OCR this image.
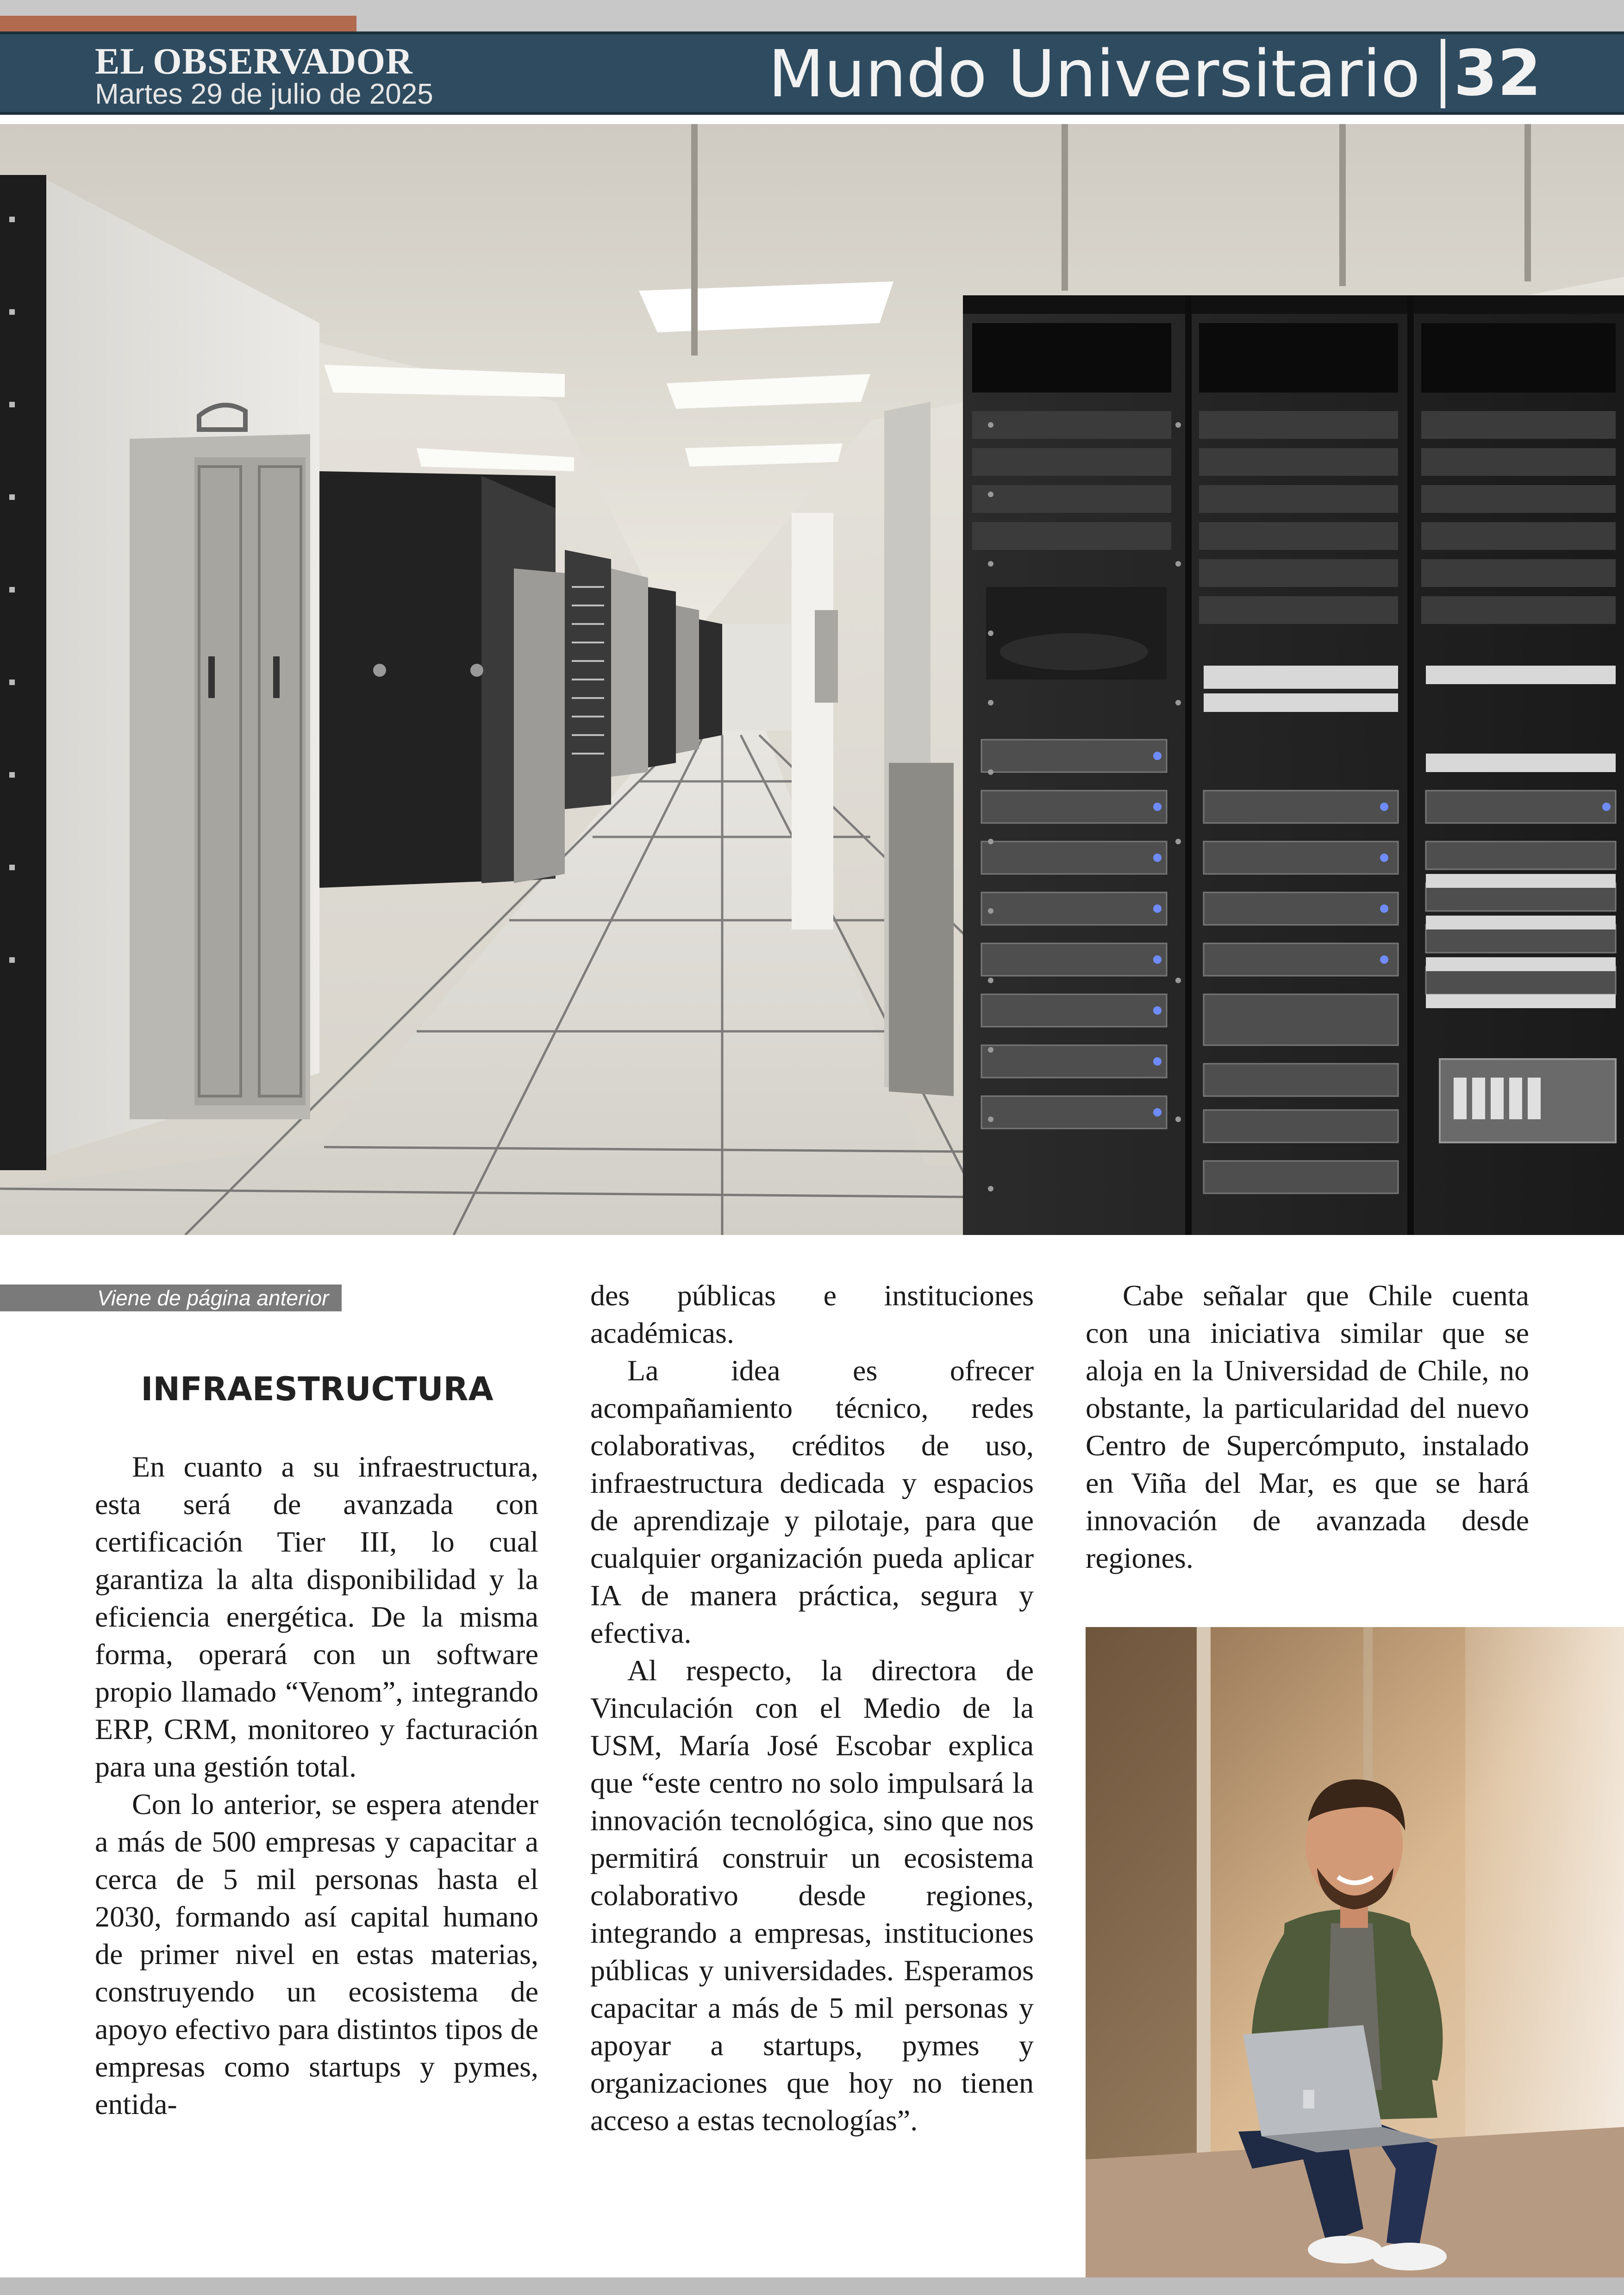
EL OBSERVADOR
Martes 29 de julio de 2025	Mundo Universitario 32
Viene de página anterior
INFRAESTRUCTURA

En cuanto a su infraestructura, esta será de avanzada con certificación Tier III, lo cual garantiza la alta disponibilidad y la eficiencia energética. De la misma forma, operará con un software propio llamado “Venom”, integrando ERP, CRM, monitoreo y facturación para una gestión total.

Con lo anterior, se espera atender a más de 500 empresas y capacitar a cerca de 5 mil personas hasta el 2030, formando así capital humano de primer nivel en estas materias, construyendo un ecosistema de apoyo efectivo para distintos tipos de empresas como startups y pymes, entida-

des públicas e instituciones académicas.

La idea es ofrecer acompañamiento técnico, redes colaborativas, créditos de uso, infraestructura dedicada y espacios de aprendizaje y pilotaje, para que cualquier organización pueda aplicar IA de manera práctica, segura y efectiva.

Al respecto, la directora de Vinculación con el Medio de la USM, María José Escobar explica que “este centro no solo impulsará la innovación tecnológica, sino que nos permitirá construir un ecosistema colaborativo desde regiones, integrando a empresas, instituciones públicas y universidades. Esperamos capacitar a más de 5 mil personas y apoyar a startups, pymes y organizaciones que hoy no tienen acceso a estas tecnologías”.

Cabe señalar que Chile cuenta con una iniciativa similar que se aloja en la Universidad de Chile, no obstante, la particularidad del nuevo Centro de Supercómputo, instalado en Viña del Mar, es que se hará innovación de avanzada desde regiones.
